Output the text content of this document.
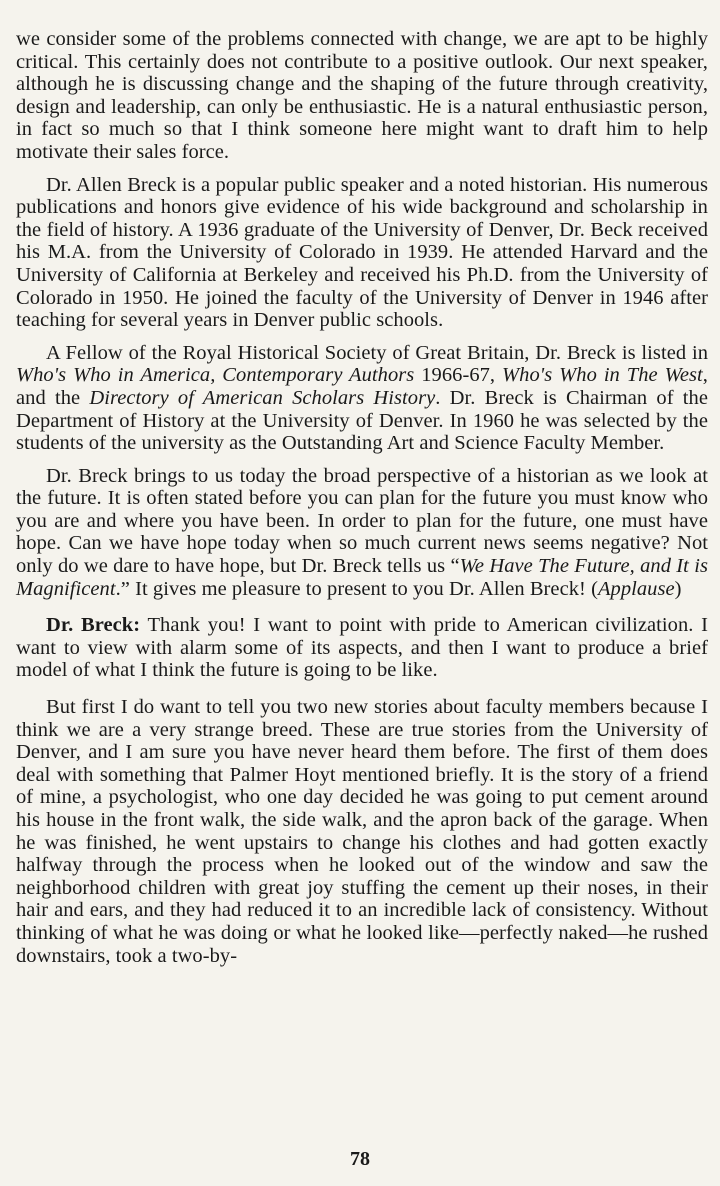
we consider some of the problems connected with change, we are apt to be highly critical. This certainly does not contribute to a positive outlook. Our next speaker, although he is discussing change and the shaping of the future through creativity, design and leadership, can only be enthusiastic. He is a natural enthusiastic person, in fact so much so that I think someone here might want to draft him to help motivate their sales force.

Dr. Allen Breck is a popular public speaker and a noted historian. His numerous publications and honors give evidence of his wide background and scholarship in the field of history. A 1936 graduate of the University of Denver, Dr. Beck received his M.A. from the University of Colorado in 1939. He attended Harvard and the University of California at Berkeley and received his Ph.D. from the University of Colorado in 1950. He joined the faculty of the University of Denver in 1946 after teaching for several years in Denver public schools.

A Fellow of the Royal Historical Society of Great Britain, Dr. Breck is listed in Who's Who in America, Contemporary Authors 1966-67, Who's Who in The West, and the Directory of American Scholars History. Dr. Breck is Chairman of the Department of History at the University of Denver. In 1960 he was selected by the students of the university as the Outstanding Art and Science Faculty Member.

Dr. Breck brings to us today the broad perspective of a historian as we look at the future. It is often stated before you can plan for the future you must know who you are and where you have been. In order to plan for the future, one must have hope. Can we have hope today when so much current news seems negative? Not only do we dare to have hope, but Dr. Breck tells us “We Have The Future, and It is Magnificent.” It gives me pleasure to present to you Dr. Allen Breck! (Applause)

Dr. Breck: Thank you! I want to point with pride to American civilization. I want to view with alarm some of its aspects, and then I want to produce a brief model of what I think the future is going to be like.

But first I do want to tell you two new stories about faculty members because I think we are a very strange breed. These are true stories from the University of Denver, and I am sure you have never heard them before. The first of them does deal with something that Palmer Hoyt mentioned briefly. It is the story of a friend of mine, a psychologist, who one day decided he was going to put cement around his house in the front walk, the side walk, and the apron back of the garage. When he was finished, he went upstairs to change his clothes and had gotten exactly halfway through the process when he looked out of the window and saw the neighborhood children with great joy stuffing the cement up their noses, in their hair and ears, and they had reduced it to an incredible lack of consistency. Without thinking of what he was doing or what he looked like—perfectly naked—he rushed downstairs, took a two-by-

78
